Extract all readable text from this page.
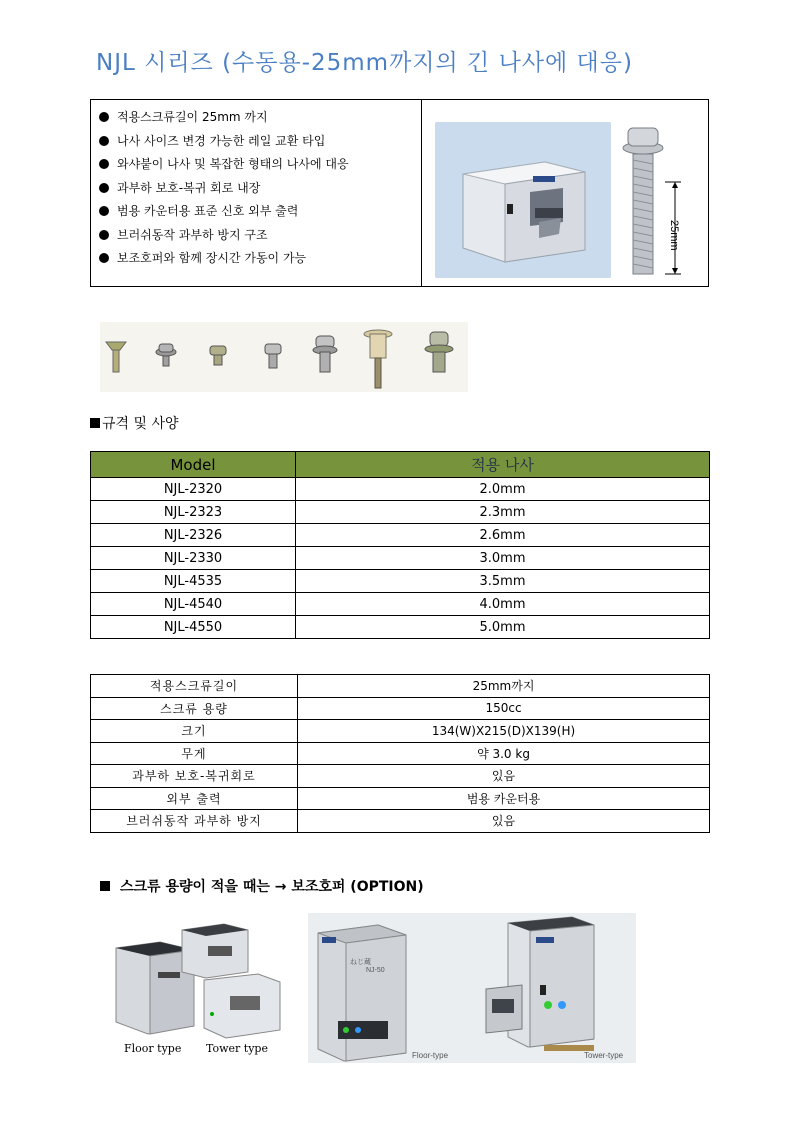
NJL 시리즈 (수동용-25mm까지의 긴 나사에 대응)
적용스크류길이 25mm 까지
나사 사이즈 변경 가능한 레일 교환 타입
와샤붙이 나사 및 복잡한 형태의 나사에 대응
과부하 보호-복귀 회로 내장
범용 카운터용 표준 신호 외부 출력
브러쉬동작 과부하 방지 구조
보조호퍼와 함께 장시간 가동이 가능
25mm
규격 및 사양
Model	적용 나사
NJL-2320	2.0mm
NJL-2323	2.3mm
NJL-2326	2.6mm
NJL-2330	3.0mm
NJL-4535	3.5mm
NJL-4540	4.0mm
NJL-4550	5.0mm
적용스크류길이	25mm까지
스크류 용량	150cc
크기	134(W)X215(D)X139(H)
무게	약 3.0 kg
과부하 보호-복귀회로	있음
외부 출력	범용 카운터용
브러쉬동작 과부하 방지	있음
스크류 용량이 적을 때는 → 보조호퍼 (OPTION)
Floor type Tower type
ねじ蔵
NJ-50
Floor-type	Tower-type
